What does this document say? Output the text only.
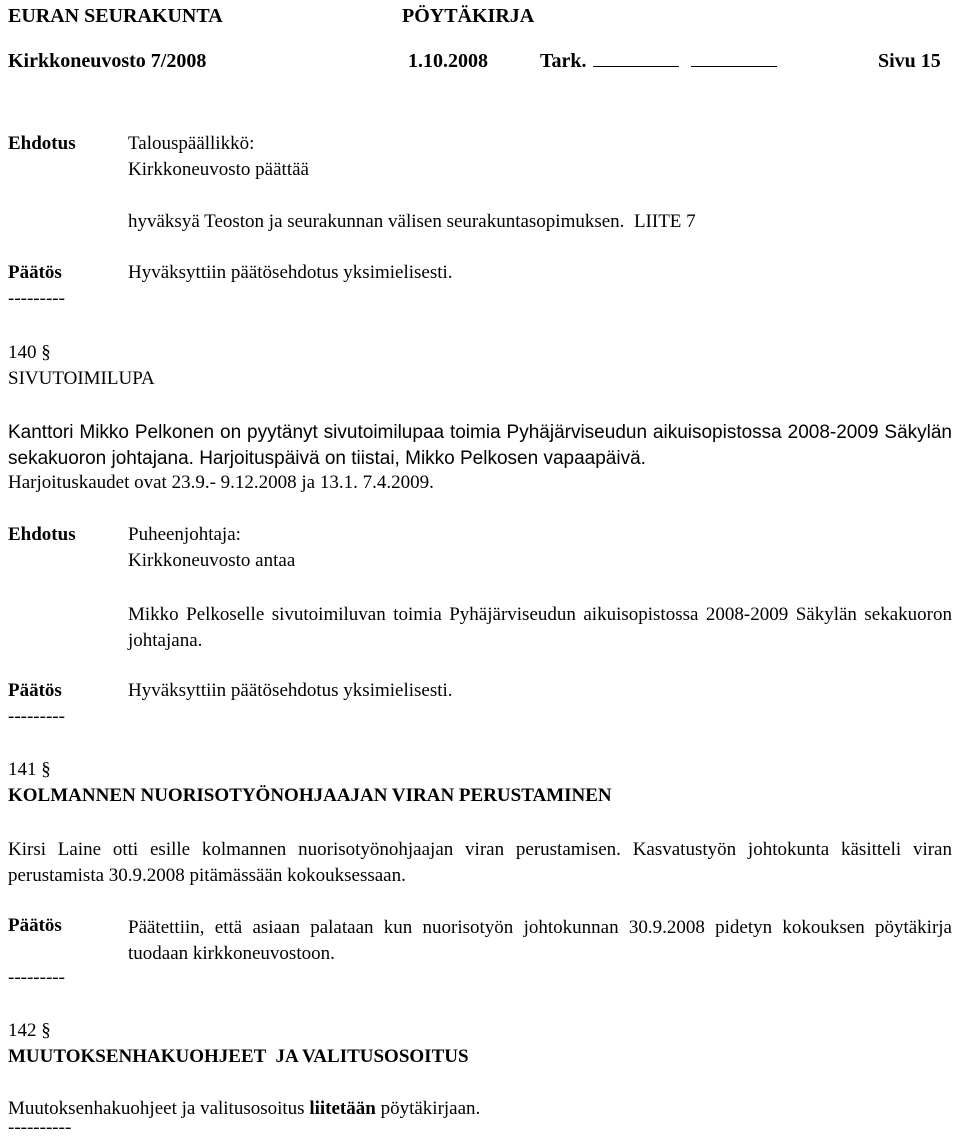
EURAN SEURAKUNTA	PÖYTÄKIRJA
Kirkkoneuvosto 7/2008	1.10.2008	Tark.	Sivu 15
Ehdotus	Talouspäällikkö:
Kirkkoneuvosto päättää
hyväksyä Teoston ja seurakunnan välisen seurakuntasopimuksen. LIITE 7
Päätös	Hyväksyttiin päätösehdotus yksimielisesti.
---------
140 §
SIVUTOIMILUPA
Kanttori Mikko Pelkonen on pyytänyt sivutoimilupaa toimia Pyhäjärviseudun aikuisopistossa 2008-2009 Säkylän sekakuoron johtajana. Harjoituspäivä on tiistai, Mikko Pelkosen vapaapäivä.
Harjoituskaudet ovat 23.9.- 9.12.2008 ja 13.1. 7.4.2009.
Ehdotus	Puheenjohtaja:
Kirkkoneuvosto antaa
Mikko Pelkoselle sivutoimiluvan toimia Pyhäjärviseudun aikuisopistossa 2008-2009 Säkylän sekakuoron johtajana.
Päätös	Hyväksyttiin päätösehdotus yksimielisesti.
---------
141 §
KOLMANNEN NUORISOTYÖNOHJAAJAN VIRAN PERUSTAMINEN
Kirsi Laine otti esille kolmannen nuorisotyönohjaajan viran perustamisen. Kasvatustyön johtokunta käsitteli viran perustamista 30.9.2008 pitämässään kokouksessaan.
Päätös	Päätettiin, että asiaan palataan kun nuorisotyön johtokunnan 30.9.2008 pidetyn kokouksen pöytäkirja tuodaan kirkkoneuvostoon.
---------
142 §
MUUTOKSENHAKUOHJEET  JA VALITUSOSOITUS
Muutoksenhakuohjeet ja valitusosoitus liitetään pöytäkirjaan.
----------
